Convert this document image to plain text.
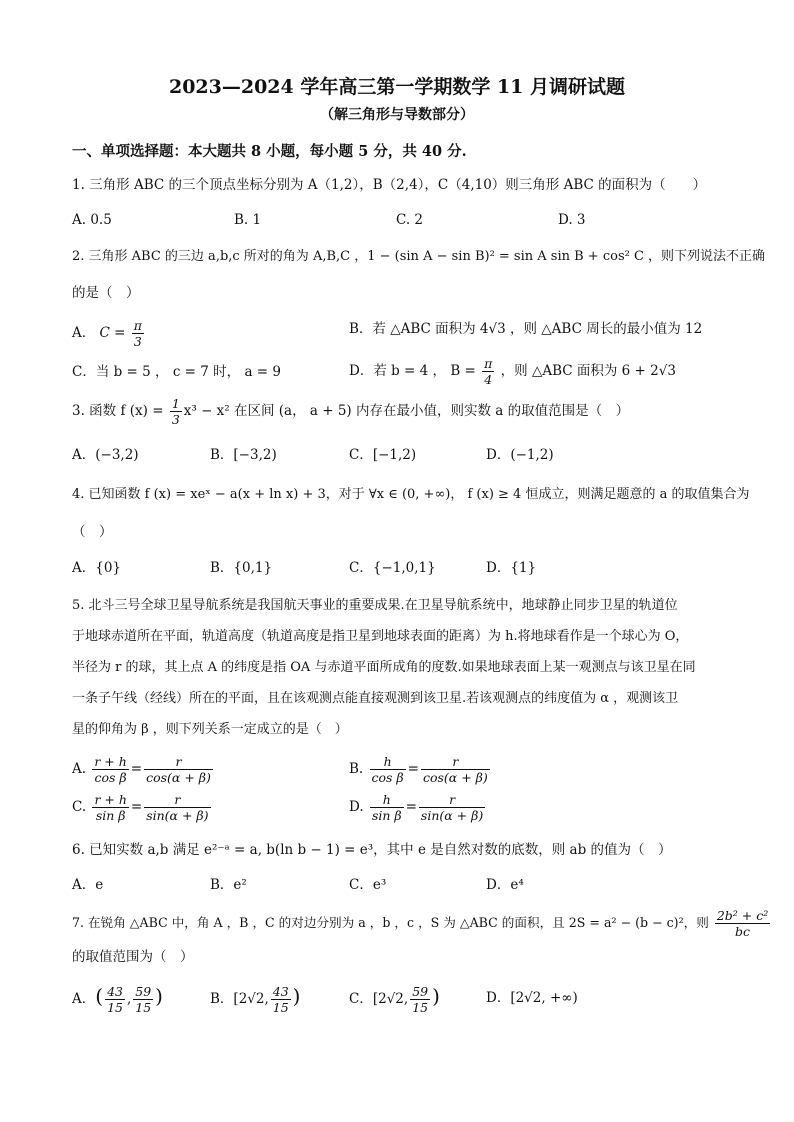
2023—2024 学年高三第一学期数学 11 月调研试题
（解三角形与导数部分）
一、单项选择题：本大题共 8 小题，每小题 5 分，共 40 分.
1. 三角形 ABC 的三个顶点坐标分别为 A（1,2），B（2,4），C（4,10）则三角形 ABC 的面积为（　　）
A. 0.5	B. 1	C. 2	D. 3
2. 三角形 ABC 的三边 a,b,c 所对的角为 A,B,C ，1 − (sin A − sin B)² = sin A sin B + cos² C ，则下列说法不正确
的是（　）
A． $C = \frac{\pi}{3}$	B．若 △ABC 面积为 4√3 ，则 △ABC 周长的最小值为 12
C．当 b = 5 ， c = 7 时， a = 9	D．若 b = 4 ， $B = \frac{\pi}{4}$ ，则 △ABC 面积为 6 + 2√3
3. 函数 f $(x) = \frac{1}{3} x^3 - x^2$ 在区间 (a， a + 5) 内存在最小值，则实数 a 的取值范围是（　）
A．(−3,2)	B．[−3,2)	C．[−1,2)	D．(−1,2)
4. 已知函数 f (x) = xeˣ − a(x + ln x) + 3，对于 ∀x ∈ (0, +∞)， f (x) ≥ 4 恒成立，则满足题意的 a 的取值集合为
（　）
A．{0}	B．{0,1}	C．{−1,0,1}	D．{1}
5. 北斗三号全球卫星导航系统是我国航天事业的重要成果.在卫星导航系统中，地球静止同步卫星的轨道位
于地球赤道所在平面，轨道高度（轨道高度是指卫星到地球表面的距离）为 h.将地球看作是一个球心为 O，
半径为 r 的球，其上点 A 的纬度是指 OA 与赤道平面所成角的度数.如果地球表面上某一观测点与该卫星在同
一条子午线（经线）所在的平面，且在该观测点能直接观测到该卫星.若该观测点的纬度值为 α ，观测该卫
星的仰角为 β ，则下列关系一定成立的是（　）
A. $\frac{r + h}{\text{cos β}} = \frac{r}{\cos(\alpha + \beta)}$	B. $\frac{h}{\text{cos β}} = \frac{r}{\cos(\alpha + \beta)}$
C. $\frac{r + h}{\text{sin β}} = \frac{r}{\sin(\alpha + \beta)}$	D. $\frac{h}{\text{sin β}} = \frac{r}{\sin(\alpha + \beta)}$
6. 已知实数 a,b 满足 e²⁻ᵃ = a, b(ln b − 1) = e³，其中 e 是自然对数的底数，则 ab 的值为（　）
A．e	B．e²	C．e³	D．e⁴
7. 在锐角 △ABC 中，角 A ，B ，C 的对边分别为 a ，b ，c ，S 为 △ABC 的面积，且 2S = a² − (b − c)²，则 $\frac{\text{2b² + c²}}{bc}$
的取值范围为（　）
A．( $\frac{43}{15}$ , $\frac{59}{15}$ )	B．[2√2, $\frac{43}{15}$ )	C．[2√2, $\frac{59}{15}$ )	D．[2√2, +∞)
